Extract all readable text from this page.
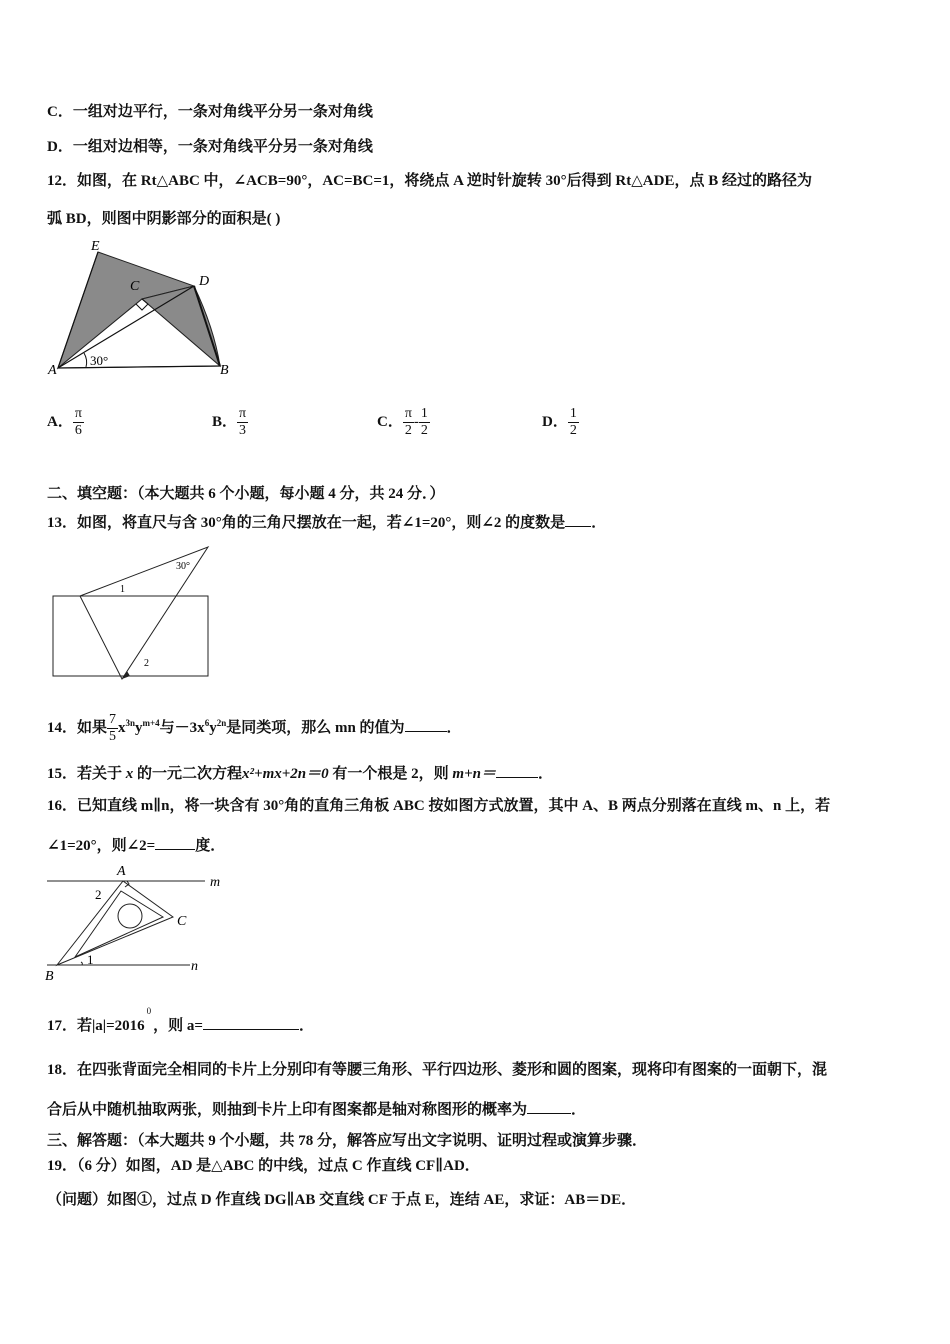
C．一组对边平行，一条对角线平分另一条对角线
D．一组对边相等，一条对角线平分另一条对角线
12．如图，在 Rt△ABC 中，∠ACB=90°，AC=BC=1，将绕点 A 逆时针旋转 30°后得到 Rt△ADE，点 B 经过的路径为
弧 BD，则图中阴影部分的面积是( )
E
C	D
A	B
30°
A． $\frac{\pi}{6}$	B． $\frac{\pi}{3}$	C． $\frac{\pi}{2} - \frac{1}{2}$	D． $\frac{1}{2}$
二、填空题：（本大题共 6 个小题，每小题 4 分，共 24 分．）
13．如图，将直尺与含 30°角的三角尺摆放在一起，若∠1=20°，则∠2 的度数是 ．
30°
1
2
14．如果 $\frac{7}{5} x^{3n}y^{m+4}$与$-3x^6y^{2n}$是同类项，那么 mn 的值为	．
15．若关于 x 的一元二次方程x²+mx+2n＝0 有一个根是 2，则 m+n＝	．
16．已知直线 m∥n，将一块含有 30°角的直角三角板 ABC 按如图方式放置，其中 A、B 两点分别落在直线 m、n 上，若
∠1=20°，则∠2=	度．
A
m
2
C
B
1	n
17．若$|a|=2016^0$，则 a=	．
18．在四张背面完全相同的卡片上分别印有等腰三角形、平行四边形、菱形和圆的图案，现将印有图案的一面朝下，混
合后从中随机抽取两张，则抽到卡片上印有图案都是轴对称图形的概率为	．
三、解答题：（本大题共 9 个小题，共 78 分，解答应写出文字说明、证明过程或演算步骤．
19．（6 分）如图，AD 是△ABC 的中线，过点 C 作直线 CF∥AD．
（问题）如图①，过点 D 作直线 DG∥AB 交直线 CF 于点 E，连结 AE，求证：AB＝DE．
